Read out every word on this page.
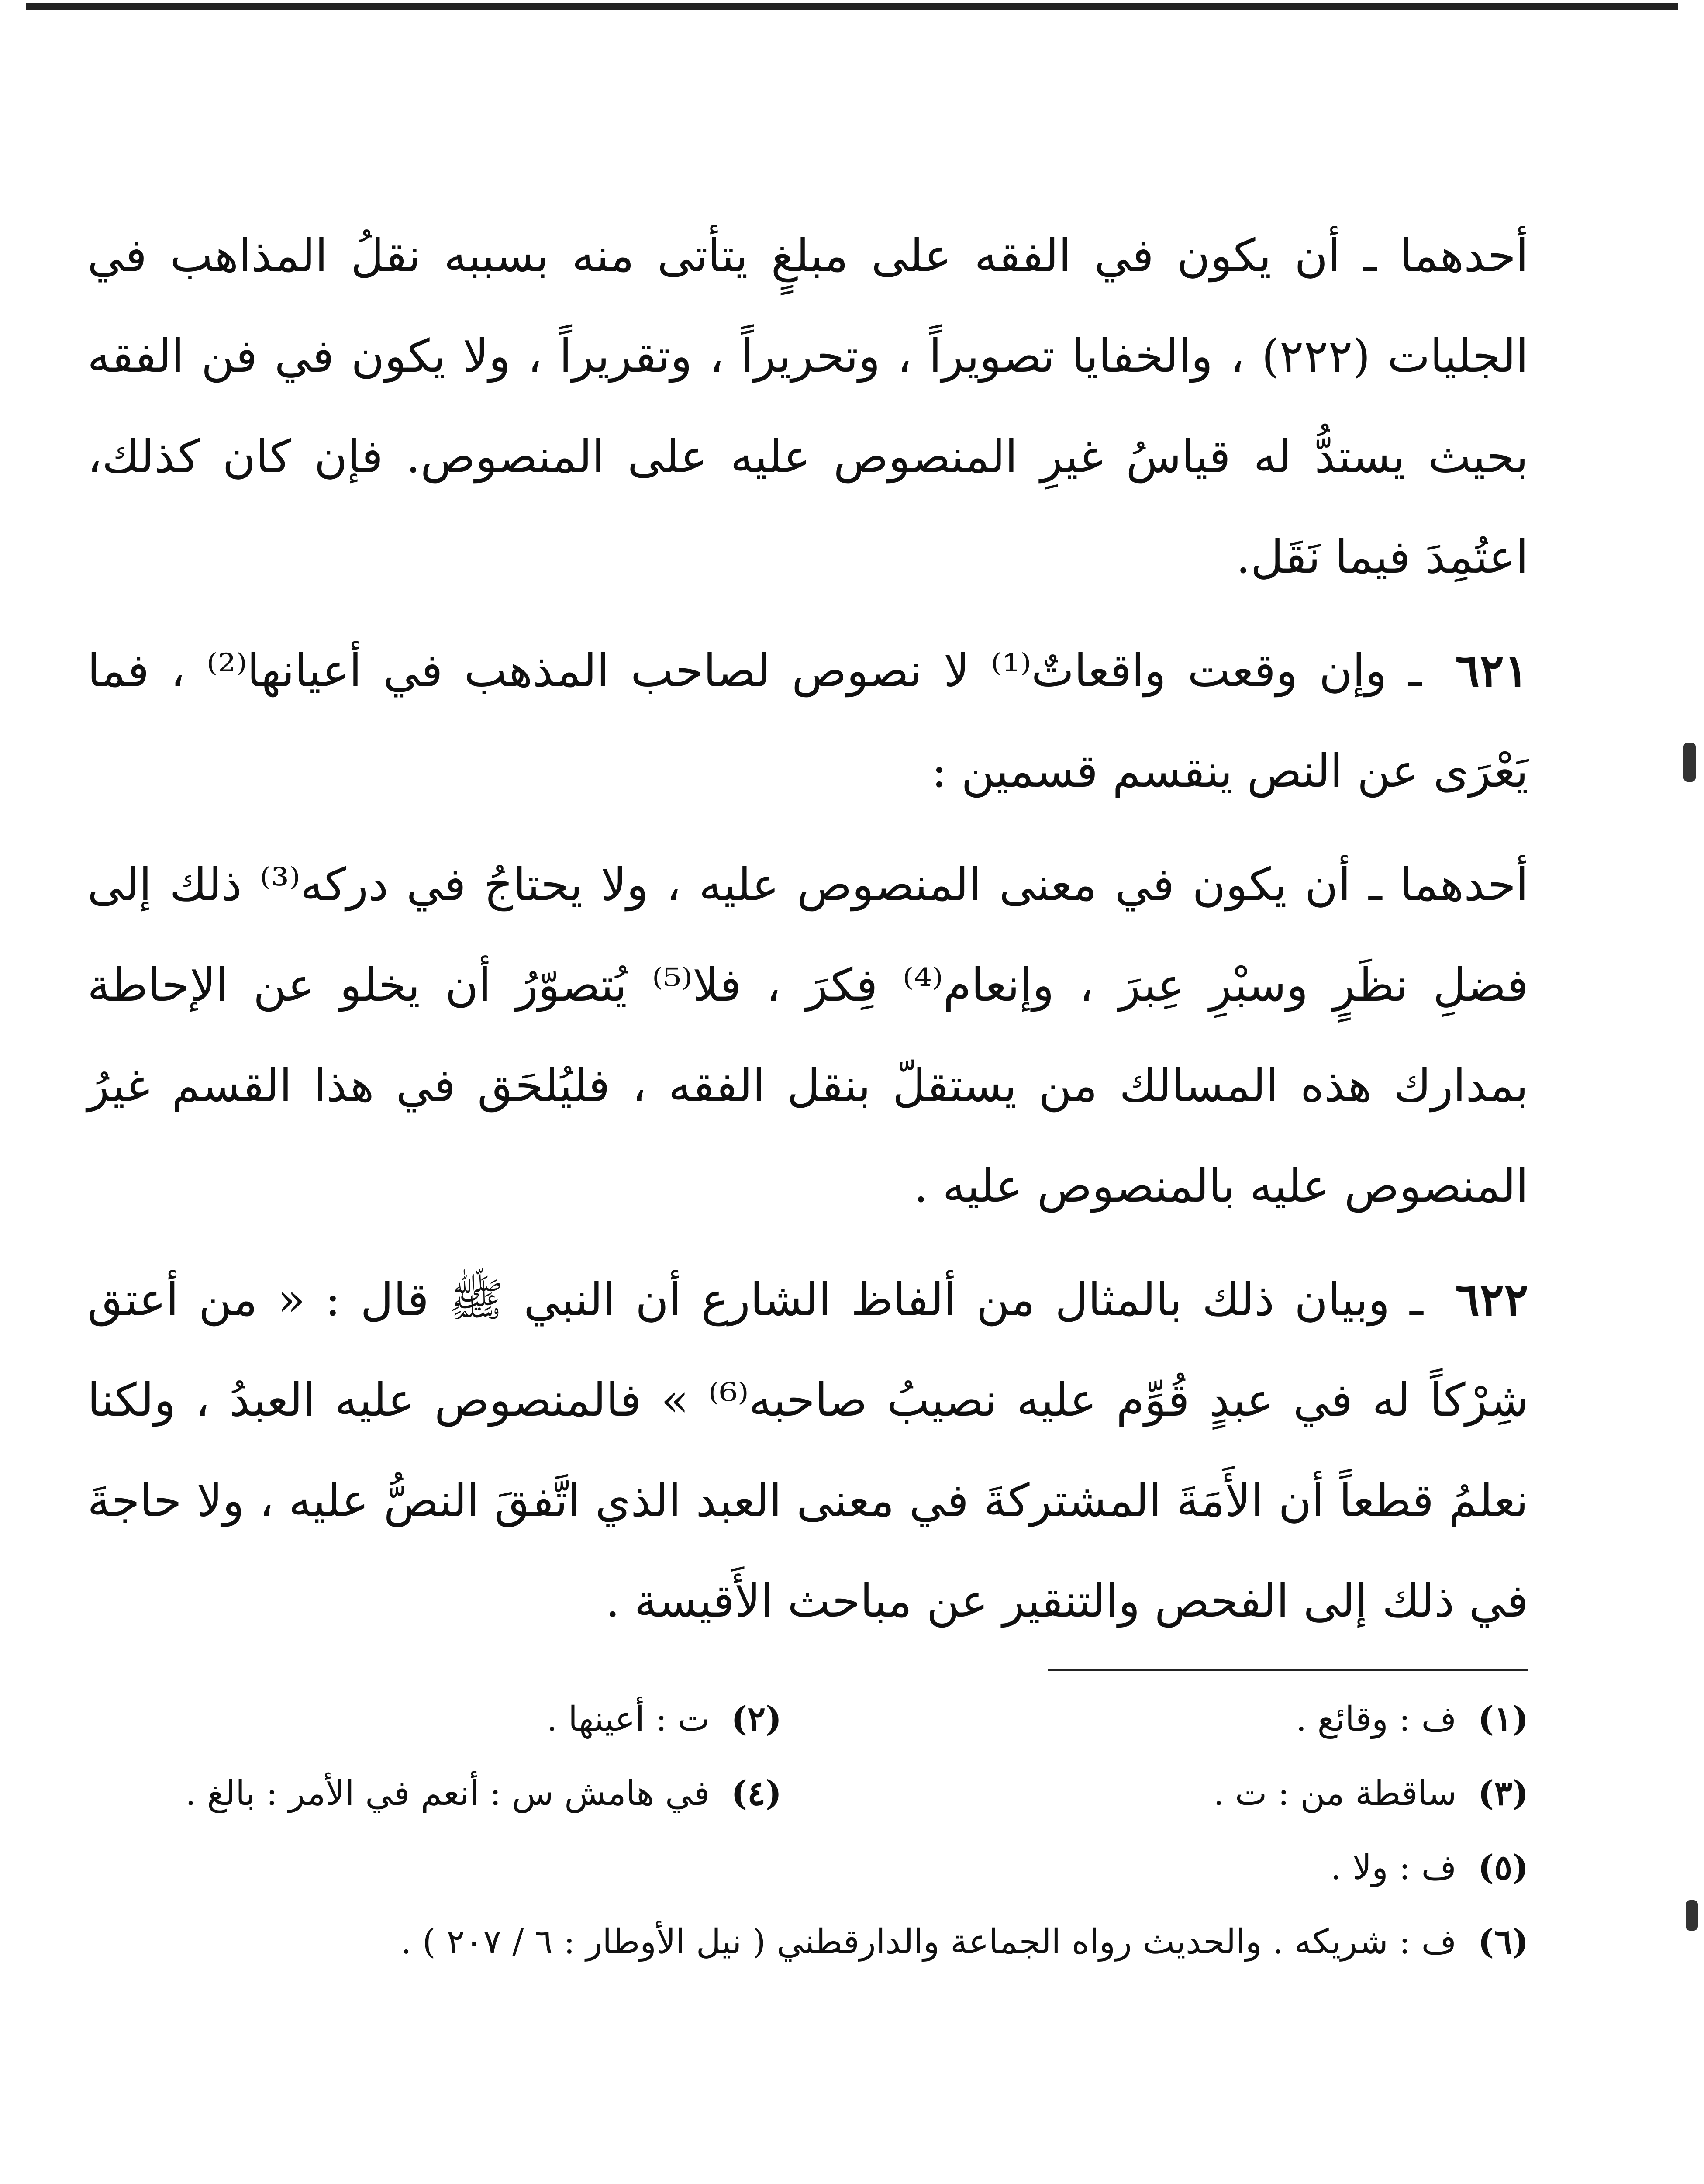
أحدهما ـ أن يكون في الفقه على مبلغٍ يتأتى منه بسببه نقلُ المذاهب في الجليات (٢٢٢) ، والخفايا تصويراً ، وتحريراً ، وتقريراً ، ولا يكون في فن الفقه بحيث يستدُّ له قياسُ غيرِ المنصوص عليه على المنصوص. فإن كان كذلك، اعتُمِدَ فيما نَقَل.

٦٢١ ـ وإن وقعت واقعاتٌ⁽¹⁾ لا نصوص لصاحب المذهب في أعيانها⁽²⁾ ، فما يَعْرَى عن النص ينقسم قسمين :

أحدهما ـ أن يكون في معنى المنصوص عليه ، ولا يحتاجُ في دركه⁽³⁾ ذلك إلى فضلِ نظَرٍ وسبْرِ عِبرَ ، وإنعام⁽⁴⁾ فِكرَ ، فلا⁽⁵⁾ يُتصوّرُ أن يخلو عن الإحاطة بمدارك هذه المسالك من يستقلّ بنقل الفقه ، فليُلحَق في هذا القسم غيرُ المنصوص عليه بالمنصوص عليه .

٦٢٢ ـ وبيان ذلك بالمثال من ألفاظ الشارع أن النبي ﷺ قال : « من أعتق شِرْكاً له في عبدٍ قُوِّم عليه نصيبُ صاحبه⁽⁶⁾ » فالمنصوص عليه العبدُ ، ولكنا نعلمُ قطعاً أن الأَمَةَ المشتركةَ في معنى العبد الذي اتَّفقَ النصُّ عليه ، ولا حاجةَ في ذلك إلى الفحص والتنقير عن مباحث الأَقيسة .

(١) ف : وقائع .
(٢) ت : أعينها .
(٣) ساقطة من : ت .
(٤) في هامش س : أنعم في الأمر : بالغ .
(٥) ف : ولا .
(٦) ف : شريكه . والحديث رواه الجماعة والدارقطني ( نيل الأوطار : ٦ / ٢٠٧ ) .
